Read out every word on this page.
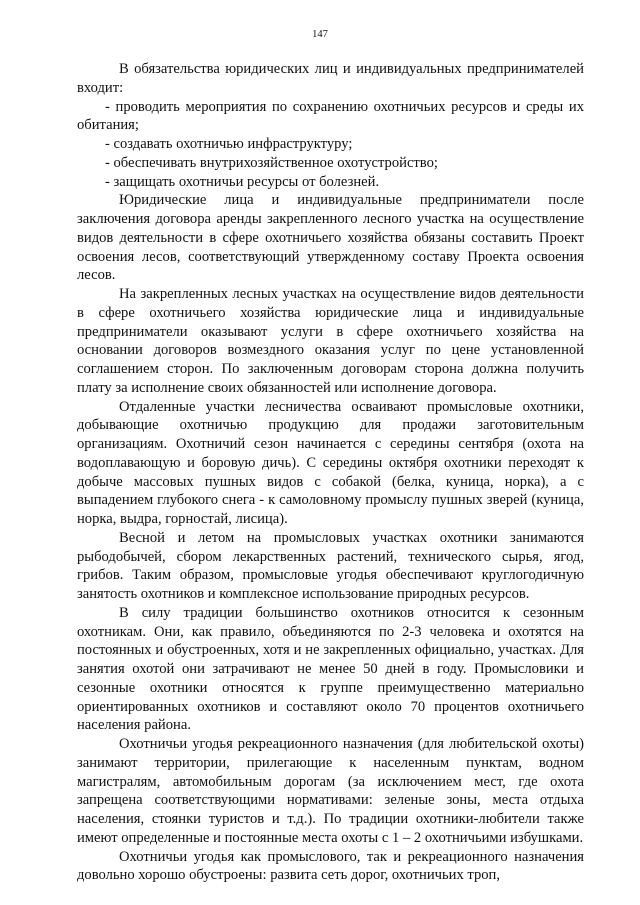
147

В обязательства юридических лиц и индивидуальных предпринимателей входит:

- проводить мероприятия по сохранению охотничьих ресурсов и среды их обитания;

- создавать охотничью инфраструктуру;

- обеспечивать внутрихозяйственное охотустройство;

- защищать охотничьи ресурсы от болезней.

Юридические лица и индивидуальные предприниматели после заключения договора аренды закрепленного лесного участка на осуществление видов деятельности в сфере охотничьего хозяйства обязаны составить Проект освоения лесов, соответствующий утвержденному составу Проекта освоения лесов.

На закрепленных лесных участках на осуществление видов деятельности в сфере охотничьего хозяйства юридические лица и индивидуальные предприниматели оказывают услуги в сфере охотничьего хозяйства на основании договоров возмездного оказания услуг по цене установленной соглашением сторон. По заключенным договорам сторона должна получить плату за исполнение своих обязанностей или исполнение договора.

Отдаленные участки лесничества осваивают промысловые охотники, добывающие охотничью продукцию для продажи заготовительным организациям. Охотничий сезон начинается с середины сентября (охота на водоплавающую и боровую дичь). С середины октября охотники переходят к добыче массовых пушных видов с собакой (белка, куница, норка), а с выпадением глубокого снега - к самоловному промыслу пушных зверей (куница, норка, выдра, горностай, лисица).

Весной и летом на промысловых участках охотники занимаются рыбодобычей, сбором лекарственных растений, технического сырья, ягод, грибов. Таким образом, промысловые угодья обеспечивают круглогодичную занятость охотников и комплексное использование природных ресурсов.

В силу традиции большинство охотников относится к сезонным охотникам. Они, как правило, объединяются по 2-3 человека и охотятся на постоянных и обустроенных, хотя и не закрепленных официально, участках. Для занятия охотой они затрачивают не менее 50 дней в году. Промысловики и сезонные охотники относятся к группе преимущественно материально ориентированных охотников и составляют около 70 процентов охотничьего населения района.

Охотничьи угодья рекреационного назначения (для любительской охоты) занимают территории, прилегающие к населенным пунктам, водном магистралям, автомобильным дорогам (за исключением мест, где охота запрещена соответствующими нормативами: зеленые зоны, места отдыха населения, стоянки туристов и т.д.). По традиции охотники-любители также имеют определенные и постоянные места охоты с 1 – 2 охотничьими избушками.

Охотничьи угодья как промыслового, так и рекреационного назначения довольно хорошо обустроены: развита сеть дорог, охотничьих троп,
